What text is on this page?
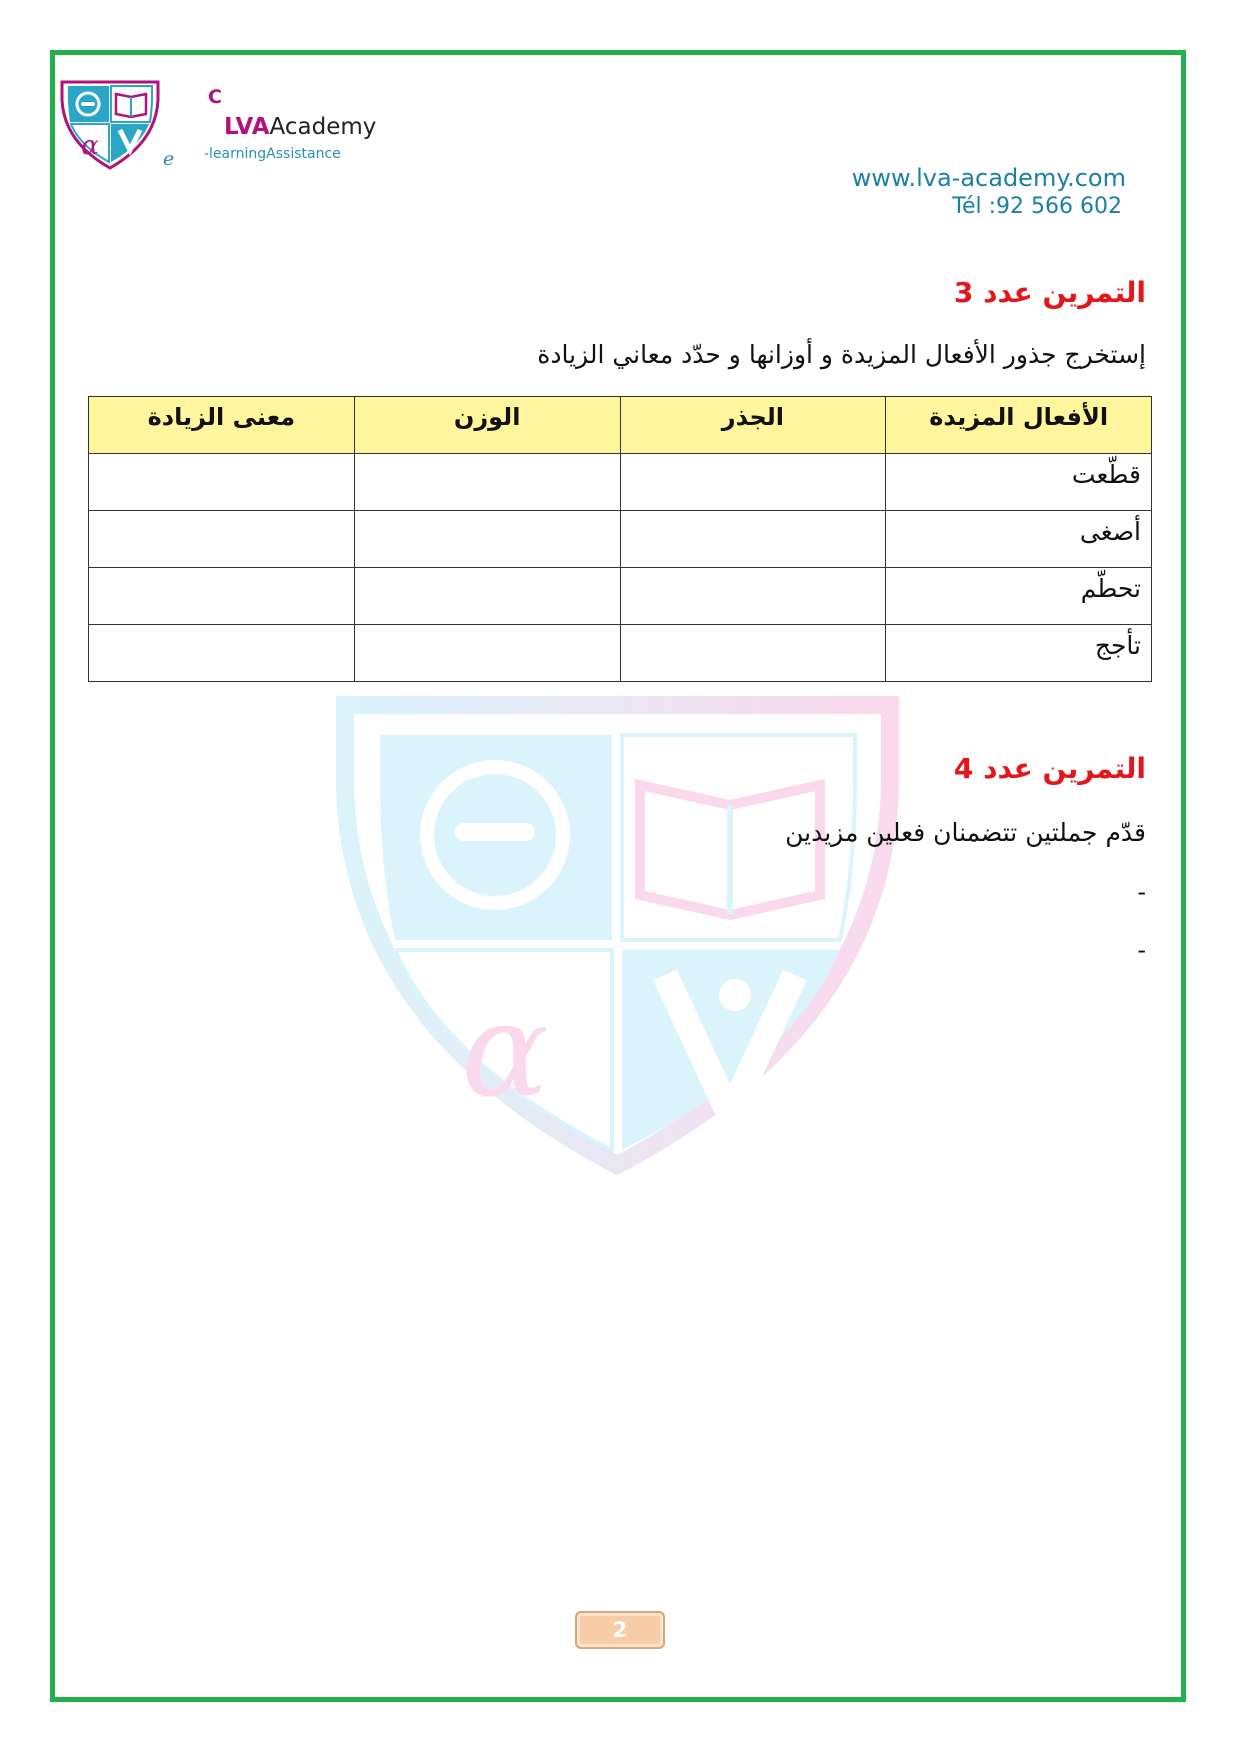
α
α
C
LVAAcademy
e -learningAssistance
www.lva-academy.com
Tél :92 566 602
التمرين عدد 3
إستخرج جذور الأفعال المزيدة و أوزانها و حدّد معاني الزيادة
الأفعال المزيدة	الجذر	الوزن	معنى الزيادة
قطّعت			
أصغى			
تحطّم			
تأجج			
التمرين عدد 4
قدّم جملتين تتضمنان فعلين مزيدين
-
-
2
